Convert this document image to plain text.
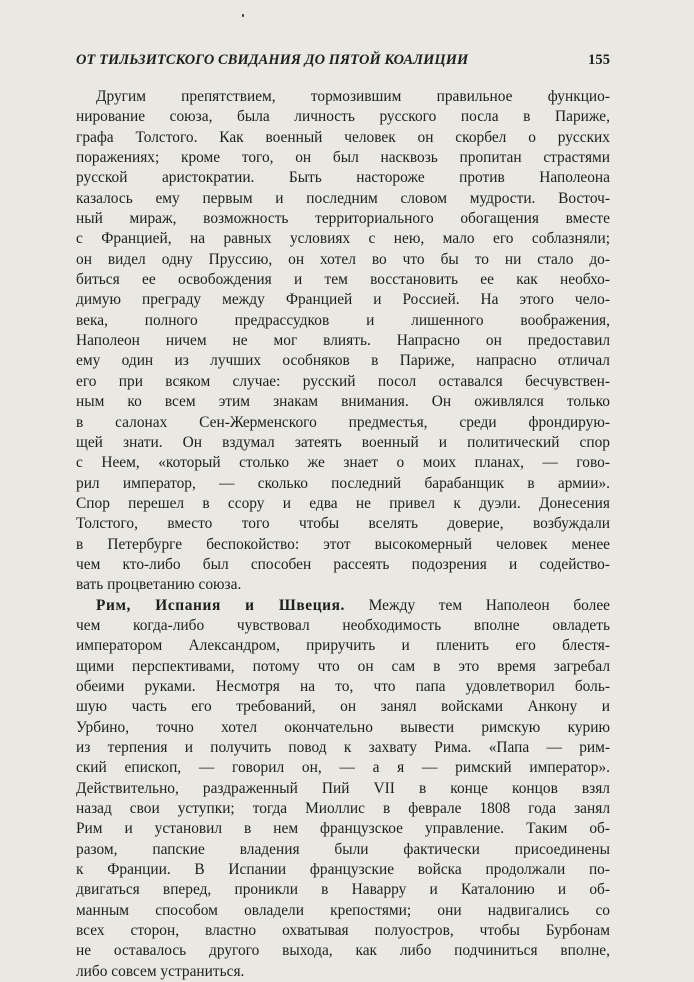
ОТ ТИЛЬЗИТСКОГО СВИДАНИЯ ДО ПЯТОЙ КОАЛИЦИИ	155
Другим препятствием, тормозившим правильное функцио-
нирование союза, была личность русского посла в Париже,
графа Толстого. Как военный человек он скорбел о русских
поражениях; кроме того, он был насквозь пропитан страстями
русской аристократии. Быть настороже против Наполеона
казалось ему первым и последним словом мудрости. Восточ-
ный мираж, возможность территориального обогащения вместе
с Францией, на равных условиях с нею, мало его соблазняли;
он видел одну Пруссию, он хотел во что бы то ни стало до-
биться ее освобождения и тем восстановить ее как необхо-
димую преграду между Францией и Россией. На этого чело-
века, полного предрассудков и лишенного воображения,
Наполеон ничем не мог влиять. Напрасно он предоставил
ему один из лучших особняков в Париже, напрасно отличал
его при всяком случае: русский посол оставался бесчувствен-
ным ко всем этим знакам внимания. Он оживлялся только
в салонах Сен-Жерменского предместья, среди фрондирую-
щей знати. Он вздумал затеять военный и политический спор
с Неем, «который столько же знает о моих планах, — гово-
рил император, — сколько последний барабанщик в армии».
Спор перешел в ссору и едва не привел к дуэли. Донесения
Толстого, вместо того чтобы вселять доверие, возбуждали
в Петербурге беспокойство: этот высокомерный человек менее
чем кто-либо был способен рассеять подозрения и содейство-
вать процветанию союза.
Рим, Испания и Швеция. Между тем Наполеон более
чем когда-либо чувствовал необходимость вполне овладеть
императором Александром, приручить и пленить его блестя-
щими перспективами, потому что он сам в это время загребал
обеими руками. Несмотря на то, что папа удовлетворил боль-
шую часть его требований, он занял войсками Анкону и
Урбино, точно хотел окончательно вывести римскую курию
из терпения и получить повод к захвату Рима. «Папа — рим-
ский епископ, — говорил он, — а я — римский император».
Действительно, раздраженный Пий VII в конце концов взял
назад свои уступки; тогда Миоллис в феврале 1808 года занял
Рим и установил в нем французское управление. Таким об-
разом, папские владения были фактически присоединены
к Франции. В Испании французские войска продолжали по-
двигаться вперед, проникли в Наварру и Каталонию и об-
манным способом овладели крепостями; они надвигались со
всех сторон, властно охватывая полуостров, чтобы Бурбонам
не оставалось другого выхода, как либо подчиниться вполне,
либо совсем устраниться.
